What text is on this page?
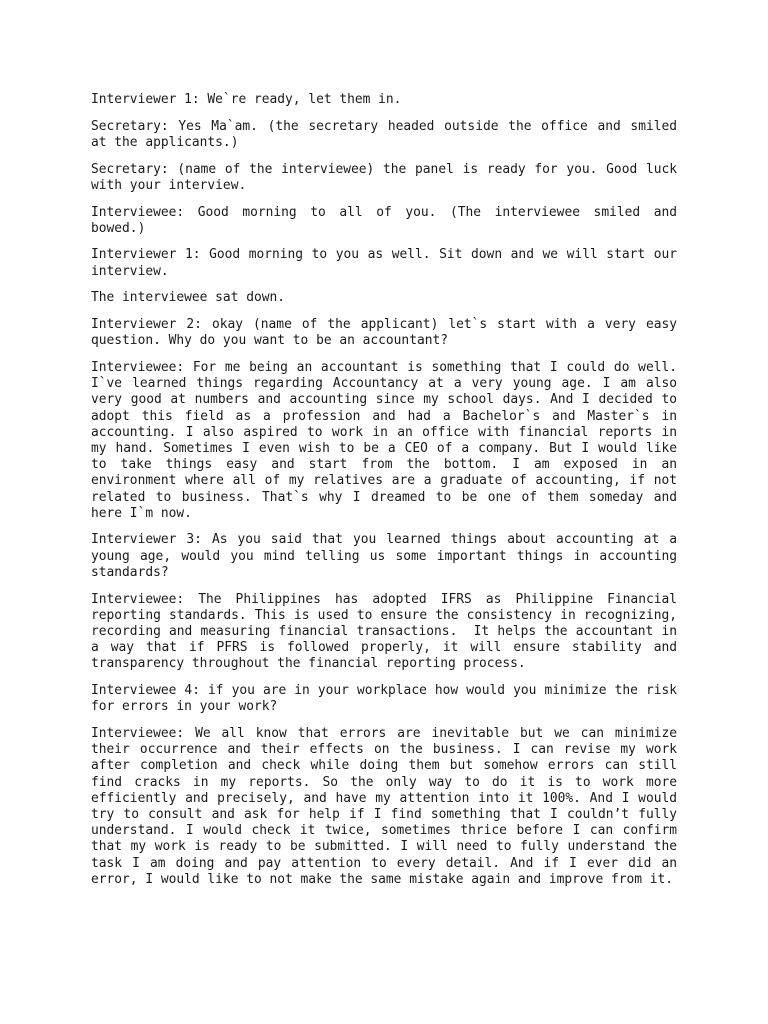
Interviewer 1: We`re ready, let them in.

Secretary: Yes Ma`am. (the secretary headed outside the office and smiled at the applicants.)

Secretary: (name of the interviewee) the panel is ready for you. Good luck with your interview.

Interviewee: Good morning to all of you. (The interviewee smiled and bowed.)

Interviewer 1: Good morning to you as well. Sit down and we will start our interview.

The interviewee sat down.

Interviewer 2: okay (name of the applicant) let`s start with a very easy question. Why do you want to be an accountant?

Interviewee: For me being an accountant is something that I could do well. I`ve learned things regarding Accountancy at a very young age. I am also very good at numbers and accounting since my school days. And I decided to adopt this field as a profession and had a Bachelor`s and Master`s in accounting. I also aspired to work in an office with financial reports in my hand. Sometimes I even wish to be a CEO of a company. But I would like to take things easy and start from the bottom. I am exposed in an environment where all of my relatives are a graduate of accounting, if not related to business. That`s why I dreamed to be one of them someday and here I`m now.

Interviewer 3: As you said that you learned things about accounting at a young age, would you mind telling us some important things in accounting standards?

Interviewee: The Philippines has adopted IFRS as Philippine Financial reporting standards. This is used to ensure the consistency in recognizing, recording and measuring financial transactions.  It helps the accountant in a way that if PFRS is followed properly, it will ensure stability and transparency throughout the financial reporting process.

Interviewee 4: if you are in your workplace how would you minimize the risk for errors in your work?

Interviewee: We all know that errors are inevitable but we can minimize their occurrence and their effects on the business. I can revise my work after completion and check while doing them but somehow errors can still find cracks in my reports. So the only way to do it is to work more efficiently and precisely, and have my attention into it 100%. And I would try to consult and ask for help if I find something that I couldn’t fully understand. I would check it twice, sometimes thrice before I can confirm that my work is ready to be submitted. I will need to fully understand the task I am doing and pay attention to every detail. And if I ever did an error, I would like to not make the same mistake again and improve from it.
